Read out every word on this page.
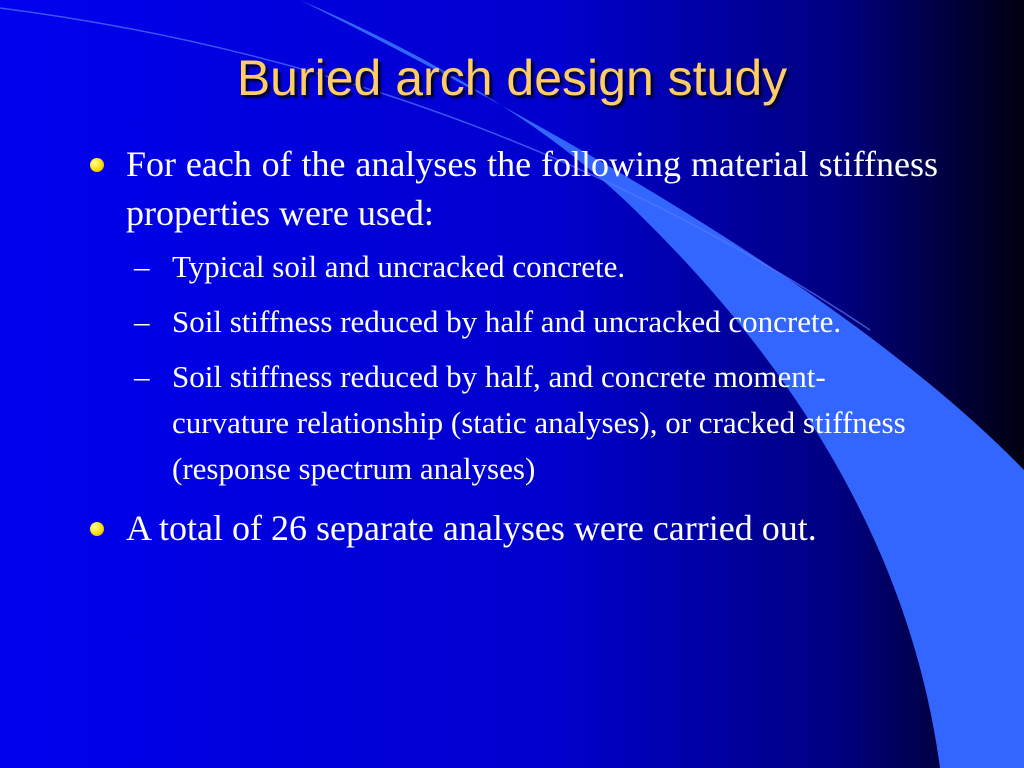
Buried arch design study
For each of the analyses the following material stiffness properties were used:
– Typical soil and uncracked concrete.
– Soil stiffness reduced by half and uncracked concrete.
– Soil stiffness reduced by half, and concrete moment-curvature relationship (static analyses), or cracked stiffness (response spectrum analyses)
A total of 26 separate analyses were carried out.
